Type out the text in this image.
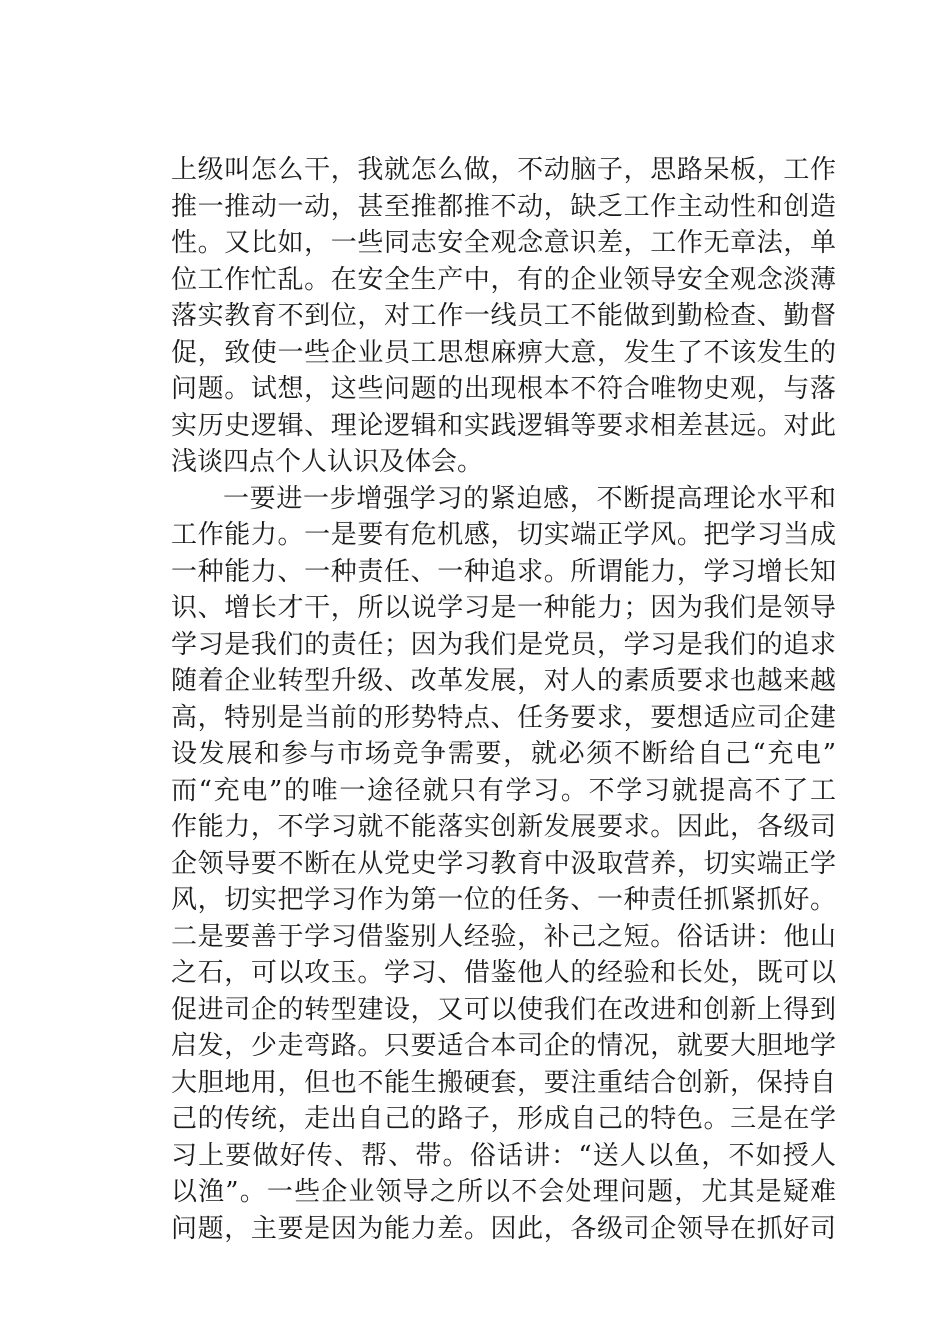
上级叫怎么干，我就怎么做，不动脑子，思路呆板，工作
推一推动一动，甚至推都推不动，缺乏工作主动性和创造
性。又比如，一些同志安全观念意识差，工作无章法，单
位工作忙乱。在安全生产中，有的企业领导安全观念淡薄
落实教育不到位，对工作一线员工不能做到勤检查、勤督
促，致使一些企业员工思想麻痹大意，发生了不该发生的
问题。试想，这些问题的出现根本不符合唯物史观，与落
实历史逻辑、理论逻辑和实践逻辑等要求相差甚远。对此
浅谈四点个人认识及体会。
一要进一步增强学习的紧迫感，不断提高理论水平和
工作能力。一是要有危机感，切实端正学风。把学习当成
一种能力、一种责任、一种追求。所谓能力，学习增长知
识、增长才干，所以说学习是一种能力；因为我们是领导
学习是我们的责任；因为我们是党员，学习是我们的追求
随着企业转型升级、改革发展，对人的素质要求也越来越
高，特别是当前的形势特点、任务要求，要想适应司企建
设发展和参与市场竞争需要，就必须不断给自己“充电”
而“充电”的唯一途径就只有学习。不学习就提高不了工
作能力，不学习就不能落实创新发展要求。因此，各级司
企领导要不断在从党史学习教育中汲取营养，切实端正学
风，切实把学习作为第一位的任务、一种责任抓紧抓好。
二是要善于学习借鉴别人经验，补己之短。俗话讲：他山
之石，可以攻玉。学习、借鉴他人的经验和长处，既可以
促进司企的转型建设，又可以使我们在改进和创新上得到
启发，少走弯路。只要适合本司企的情况，就要大胆地学
大胆地用，但也不能生搬硬套，要注重结合创新，保持自
己的传统，走出自己的路子，形成自己的特色。三是在学
习上要做好传、帮、带。俗话讲：“送人以鱼，不如授人
以渔”。一些企业领导之所以不会处理问题，尤其是疑难
问题，主要是因为能力差。因此，各级司企领导在抓好司
